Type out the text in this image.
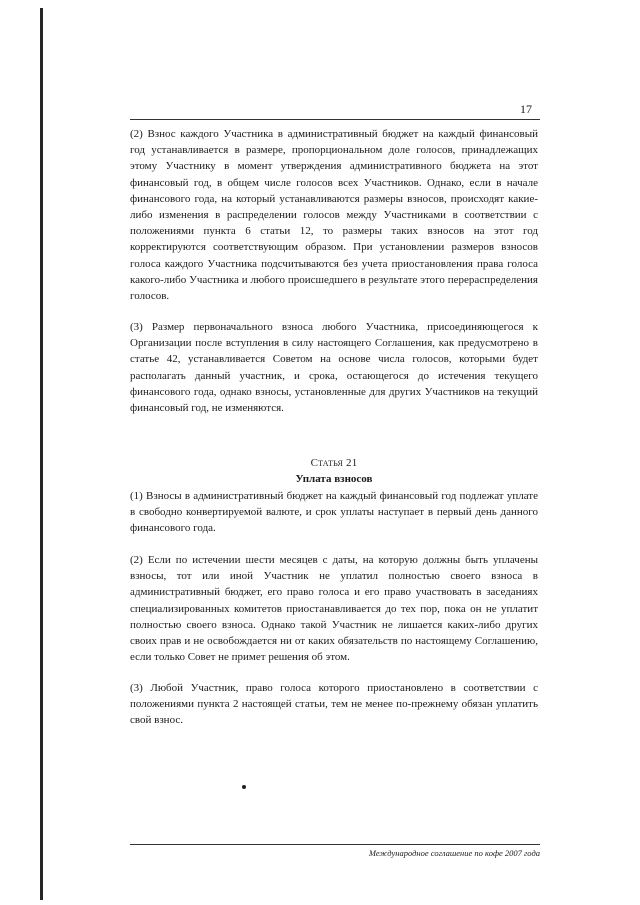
17

(2) Взнос каждого Участника в административный бюджет на каждый финансовый год устанавливается в размере, пропорциональном доле голосов, принадлежащих этому Участнику в момент утверждения административного бюджета на этот финансовый год, в общем числе голосов всех Участников. Однако, если в начале финансового года, на который устанавливаются размеры взносов, происходят какие-либо изменения в распределении голосов между Участниками в соответствии с положениями пункта 6 статьи 12, то размеры таких взносов на этот год корректируются соответствующим образом. При установлении размеров взносов голоса каждого Участника подсчитываются без учета приостановления права голоса какого-либо Участника и любого происшедшего в результате этого перераспределения голосов.

(3) Размер первоначального взноса любого Участника, присоединяющегося к Организации после вступления в силу настоящего Соглашения, как предусмотрено в статье 42, устанавливается Советом на основе числа голосов, которыми будет располагать данный участник, и срока, остающегося до истечения текущего финансового года, однако взносы, установленные для других Участников на текущий финансовый год, не изменяются.

Статья 21
Уплата взносов

(1) Взносы в административный бюджет на каждый финансовый год подлежат уплате в свободно конвертируемой валюте, и срок уплаты наступает в первый день данного финансового года.

(2) Если по истечении шести месяцев с даты, на которую должны быть уплачены взносы, тот или иной Участник не уплатил полностью своего взноса в административный бюджет, его право голоса и его право участвовать в заседаниях специализированных комитетов приостанавливается до тех пор, пока он не уплатит полностью своего взноса. Однако такой Участник не лишается каких-либо других своих прав и не освобождается ни от каких обязательств по настоящему Соглашению, если только Совет не примет решения об этом.

(3) Любой Участник, право голоса которого приостановлено в соответствии с положениями пункта 2 настоящей статьи, тем не менее по-прежнему обязан уплатить свой взнос.

Международное соглашение по кофе 2007 года
